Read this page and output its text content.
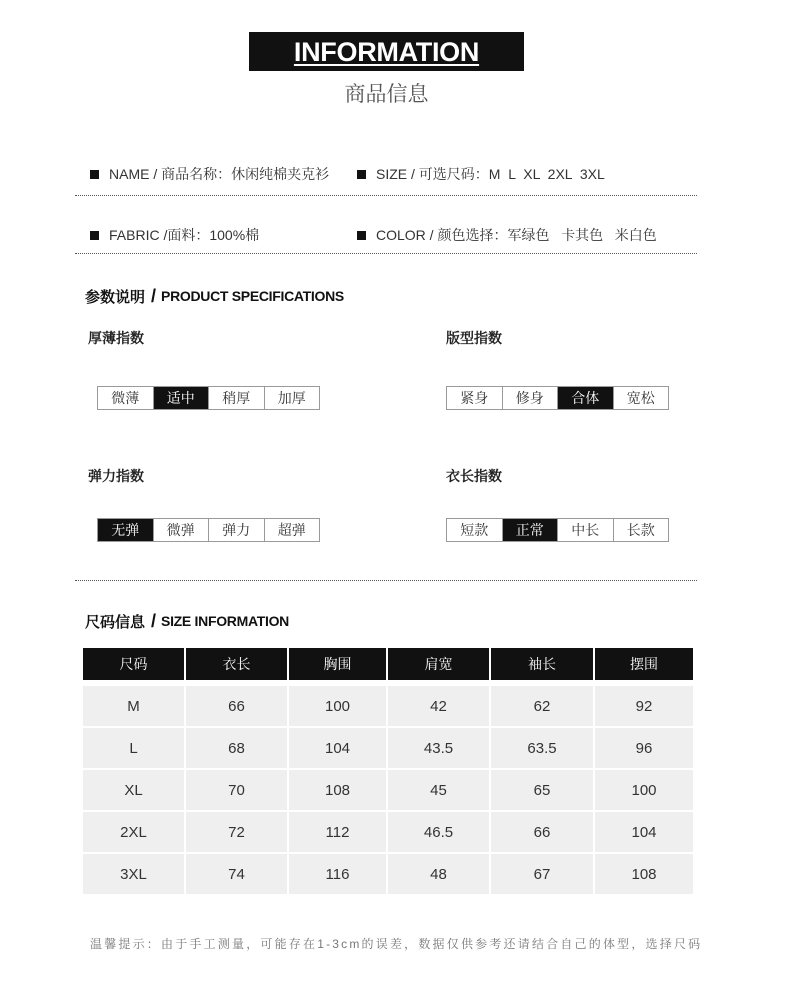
INFORMATION
商品信息
NAME / 商品名称： 休闲纯棉夹克衫	SIZE / 可选尺码： M  L  XL  2XL  3XL
FABRIC /面料： 100%棉	COLOR / 颜色选择： 军绿色   卡其色   米白色
参数说明 / PRODUCT SPECIFICATIONS
厚薄指数
微薄	适中	稍厚	加厚
版型指数
紧身	修身	合体	宽松
弹力指数
无弹	微弹	弹力	超弹
衣长指数
短款	正常	中长	长款
尺码信息 / SIZE INFORMATION
尺码	衣长	胸围	肩宽	袖长	摆围
M	66	100	42	62	92
L	68	104	43.5	63.5	96
XL	70	108	45	65	100
2XL	72	112	46.5	66	104
3XL	74	116	48	67	108
温馨提示：由于手工测量，可能存在1-3cm的误差，数据仅供参考还请结合自己的体型，选择尺码
